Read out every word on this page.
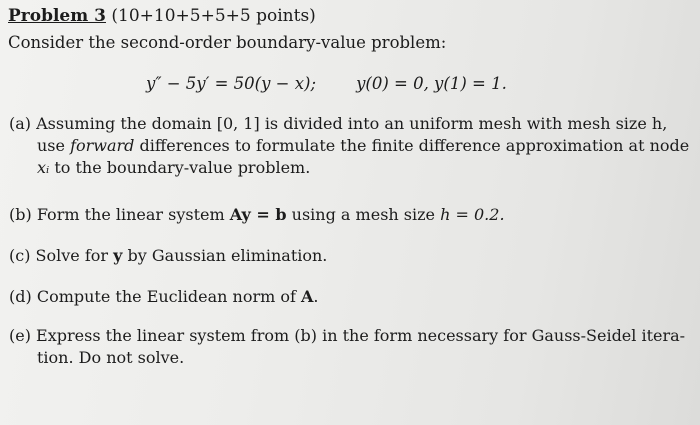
Problem 3 (10+10+5+5+5 points)
Consider the second-order boundary-value problem:
y″ − 5y′ = 50(y − x); y(0) = 0, y(1) = 1.
(a) Assuming the domain [0, 1] is divided into an uniform mesh with mesh size h,
use forward differences to formulate the finite difference approximation at node
xᵢ to the boundary-value problem.
(b) Form the linear system Ay = b using a mesh size h = 0.2.
(c) Solve for y by Gaussian elimination.
(d) Compute the Euclidean norm of A.
(e) Express the linear system from (b) in the form necessary for Gauss-Seidel itera-
tion. Do not solve.
